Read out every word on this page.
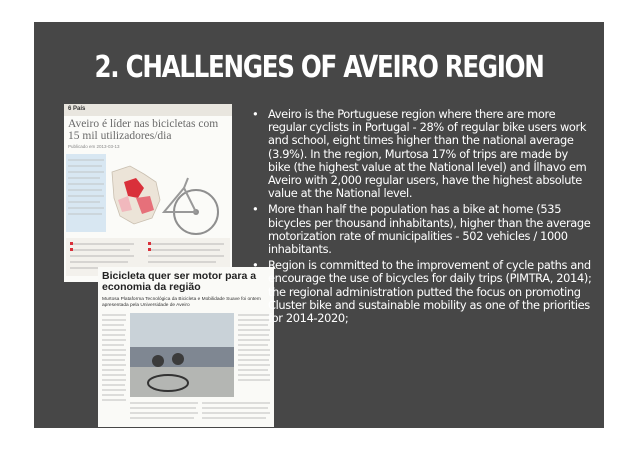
2. CHALLENGES OF AVEIRO REGION
6 País
Aveiro é líder nas bicicletas com 15 mil utilizadores/dia
Publicado em 2013-03-13
Bicicleta quer ser motor para a economia da região
Murtosa Plataforma Tecnológica da Bicicleta e Mobilidade Suave foi ontem apresentada pela Universidade de Aveiro
• Aveiro is the Portuguese region where there are more regular cyclists in Portugal - 28% of regular bike users work and school, eight times higher than the national average (3.9%). In the region, Murtosa 17% of trips are made by bike (the highest value at the National level) and Ílhavo em Aveiro with 2,000 regular users, have the highest absolute value at the National level.
• More than half the population has a bike at home (535 bicycles per thousand inhabitants), higher than the average motorization rate of municipalities - 502 vehicles / 1000 inhabitants.
• Region is committed to the improvement of cycle paths and encourage the use of bicycles for daily trips (PIMTRA, 2014); the regional administration putted the focus on promoting Cluster bike and sustainable mobility as one of the priorities for 2014-2020;
